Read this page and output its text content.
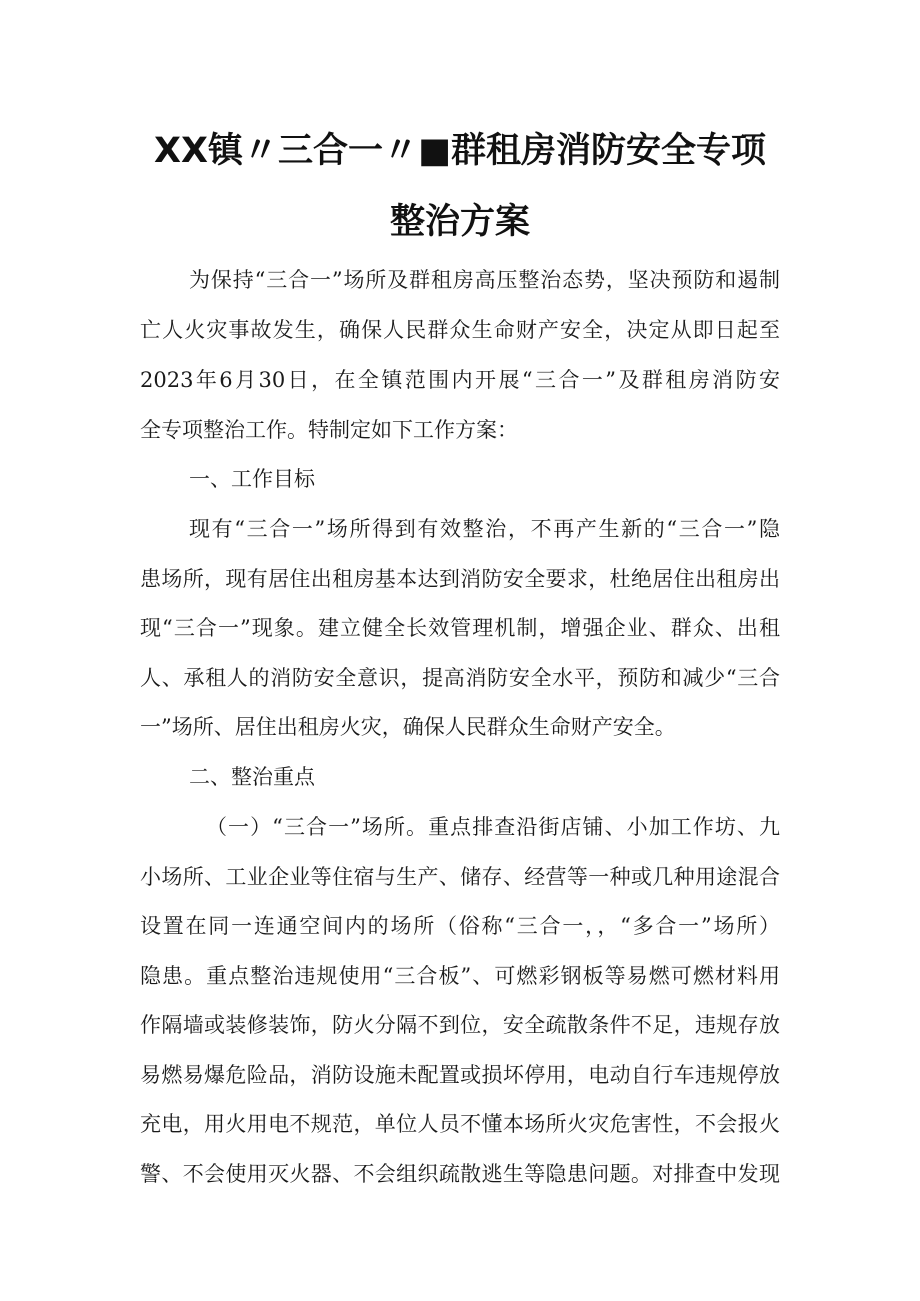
XX镇〃三合一〃■群租房消防安全专项
整治方案
为保持“三合一”场所及群租房高压整治态势，坚决预防和遏制
亡人火灾事故发生，确保人民群众生命财产安全，决定从即日起至
2023年6月30日，在全镇范围内开展“三合一”及群租房消防安
全专项整治工作。特制定如下工作方案：
一、工作目标
现有“三合一”场所得到有效整治，不再产生新的“三合一”隐
患场所，现有居住出租房基本达到消防安全要求，杜绝居住出租房出
现“三合一”现象。建立健全长效管理机制，增强企业、群众、出租
人、承租人的消防安全意识，提高消防安全水平，预防和减少“三合
一”场所、居住出租房火灾，确保人民群众生命财产安全。
二、整治重点
（一）“三合一”场所。重点排查沿街店铺、小加工作坊、九
小场所、工业企业等住宿与生产、储存、经营等一种或几种用途混合
设置在同一连通空间内的场所（俗称“三合一，，“多合一”场所）
隐患。重点整治违规使用“三合板”、可燃彩钢板等易燃可燃材料用
作隔墙或装修装饰，防火分隔不到位，安全疏散条件不足，违规存放
易燃易爆危险品，消防设施未配置或损坏停用，电动自行车违规停放
充电，用火用电不规范，单位人员不懂本场所火灾危害性，不会报火
警、不会使用灭火器、不会组织疏散逃生等隐患问题。对排查中发现
